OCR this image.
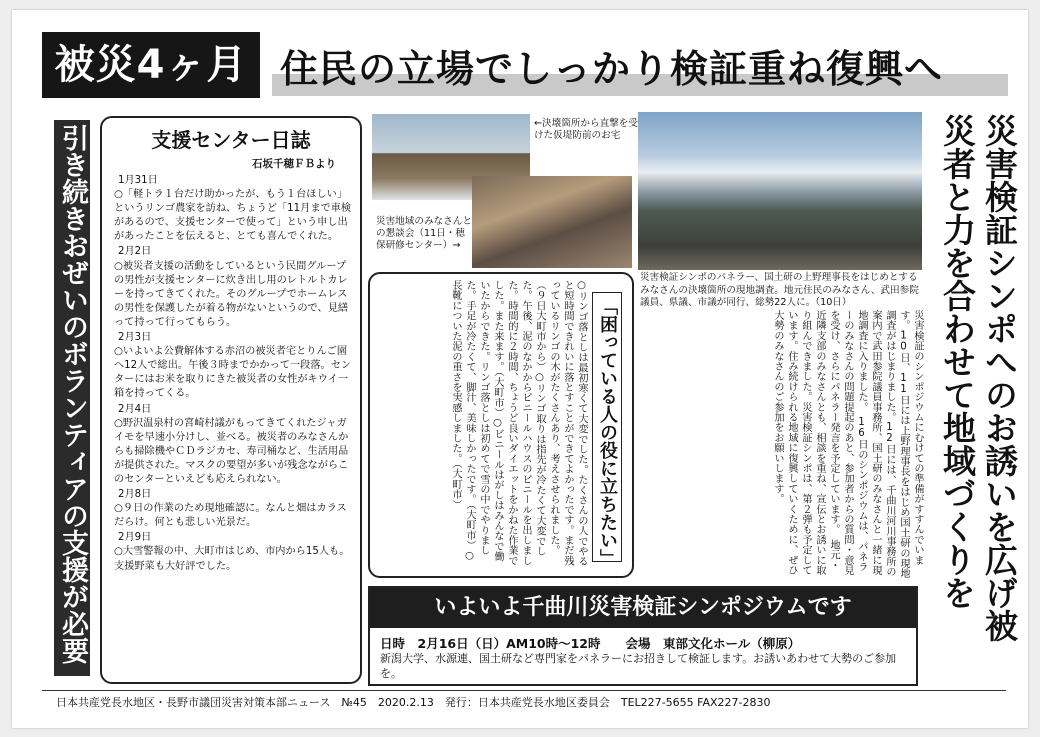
被災4ヶ月 住民の立場でしっかり検証重ね復興へ
引き続きおぜいのボランティアの支援が必要です	支援センター日誌
石坂千穂ＦＢより
1月31日
○「軽トラ１台だけ助かったが、もう１台ほしい」というリンゴ農家を訪ね、ちょうど「11月まで車検があるので、支援センターで使って」という申し出があったことを伝えると、とても喜んでくれた。
2月2日
○被災者支援の活動をしているという民間グループの男性が支援センターに炊き出し用のレトルトカレーを持ってきてくれた。そのグループでホームレスの男性を保護したが着る物がないというので、見繕って持って行ってもらう。
2月3日
○いよいよ公費解体する赤沼の被災者宅とりんご園へ12人で総出。午後３時までかかって一段落。センターにはお米を取りにきた被災者の女性がキウイ一箱を持ってくる。
2月4日
○野沢温泉村の宮崎村議がもってきてくれたジャガイモを早速小分けし、並べる。被災者のみなさんからも掃除機やＣＤラジカセ、寿司桶など、生活用品が提供された。マスクの要望が多いが残念ながらこのセンターといえども応えられない。
2月8日
○９日の作業のため現地確認に。なんと畑はカラスだらけ。何とも悲しい光景だ。
2月9日
○大雪警報の中、大町市はじめ、市内から15人も。支援野菜も大好評でした。
←決壊箇所から直撃を受けた仮堤防前のお宅
災害地域のみなさんとの懇談会（11日・穂保研修センター）→
災害検証シンポのパネラー、国土研の上野理事長をはじめとするみなさんの決壊箇所の現地調査。地元住民のみなさん、武田参院議員、県議、市議が同行、総勢22人に。（10日）
「困っている人の役に立ちたい」
○リンゴ落としは最初寒くて大変でした。たくさんの人でやると短時間できれいに落とすことができてよかったです。まだ残っているリンゴの木がたくさんあり、考えさせられました。（９日大町市から）○リンゴ取りは指先が冷たくて大変でした。午後、泥のなかからビニールハウスのビニールを出しました。時間的に２時間、ちょうど良いダイエットをかねた作業でした。また来ます。（大町市）○ビニールはがしはみんなで働いたからできた。リンゴ落としは初めてで雪の中でやりました。手足が冷たくて、脚汁、美味しかったです。（大町市）○長靴についた泥の重さを実感しました。（大町市）	災害検証のシンポジウムにむけての準備がすすんでいます。10日、11日には上野理事長をはじめ国土研の現地調査がはじまりました。12日には、千曲川河川事務所の案内で武田参院議員事務所、国土研のみなさんと一緒に現地調査に入りました。　16日のシンポジウムは、パネラーのみなさんの問題提起のあと、参加者からの質問・意見を受け、さらにパネラー発言を予定しています。　地元・近隣支部のみなさんとも、相談を重ね、宣伝とお誘いに取り組んできました。災害検証シンポは、第２弾も予定しています。住み続けられる地域に復興していくために、ぜひ大勢のみなさんのご参加をお願いします。	災害検証シンポへのお誘いを広げ被災者と力を合わせて地域づくりを
いよいよ千曲川災害検証シンポジウムです
日時　2月16日（日）AM10時～12時　　会場　東部文化ホール（柳原）
新潟大学、水源連、国土研など専門家をパネラーにお招きして検証します。お誘いあわせて大勢のご参加を。
日本共産党長水地区・長野市議団災害対策本部ニュース　№45　2020.2.13　発行：日本共産党長水地区委員会　TEL227-5655 FAX227-2830
